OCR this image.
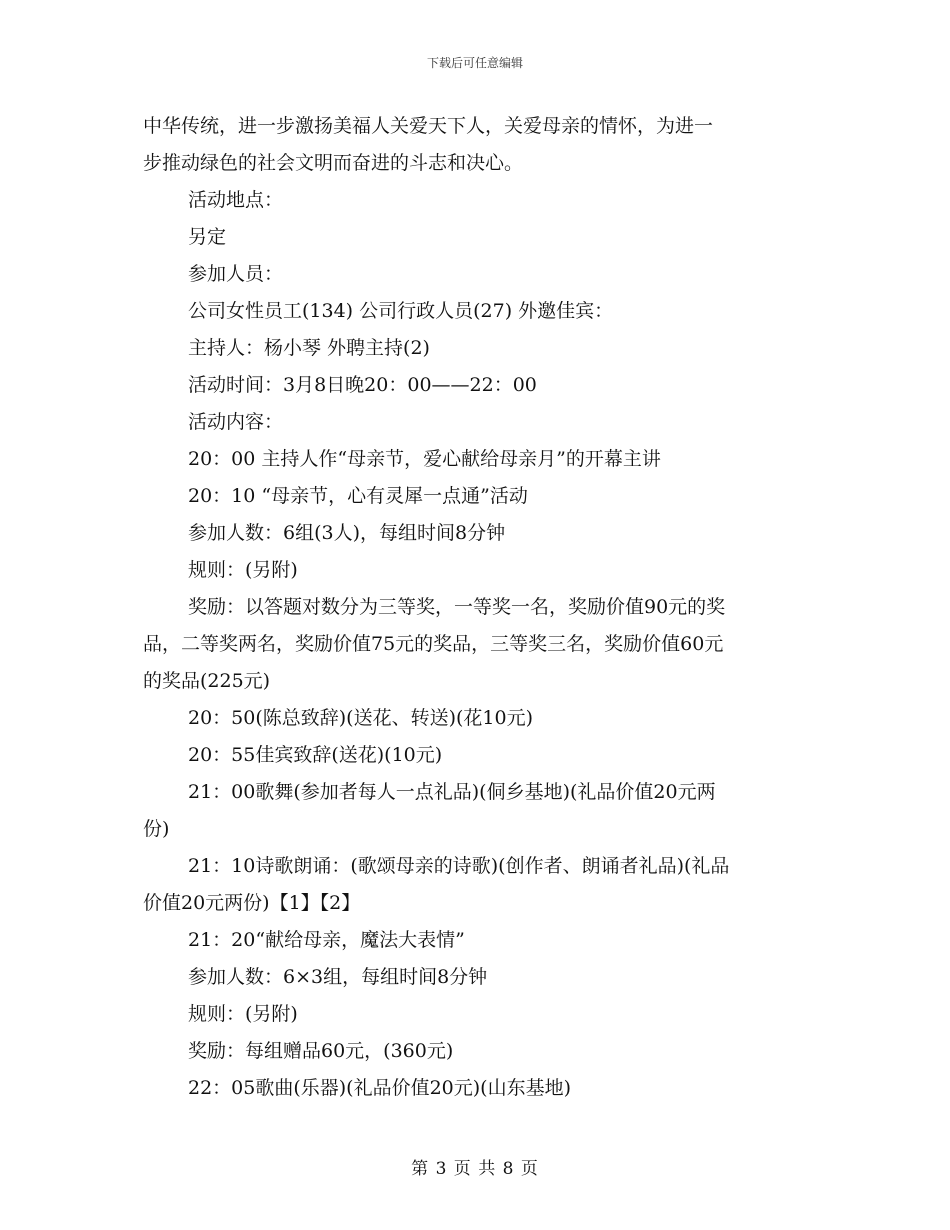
下载后可任意编辑
中华传统，进一步激扬美福人关爱天下人，关爱母亲的情怀，为进一
步推动绿色的社会文明而奋进的斗志和决心。
活动地点：
另定
参加人员：
公司女性员工(134) 公司行政人员(27) 外邀佳宾：
主持人：杨小琴 外聘主持(2)
活动时间：3月8日晚20：00——22：00
活动内容：
20：00 主持人作“母亲节，爱心献给母亲月”的开幕主讲
20：10 “母亲节，心有灵犀一点通”活动
参加人数：6组(3人)，每组时间8分钟
规则：(另附)
奖励：以答题对数分为三等奖，一等奖一名，奖励价值90元的奖
品，二等奖两名，奖励价值75元的奖品，三等奖三名，奖励价值60元
的奖品(225元)
20：50(陈总致辞)(送花、转送)(花10元)
20：55佳宾致辞(送花)(10元)
21：00歌舞(参加者每人一点礼品)(侗乡基地)(礼品价值20元两
份)
21：10诗歌朗诵：(歌颂母亲的诗歌)(创作者、朗诵者礼品)(礼品
价值20元两份)【1】【2】
21：20“献给母亲，魔法大表情”
参加人数：6×3组，每组时间8分钟
规则：(另附)
奖励：每组赠品60元，(360元)
22：05歌曲(乐器)(礼品价值20元)(山东基地)
第 3 页 共 8 页
